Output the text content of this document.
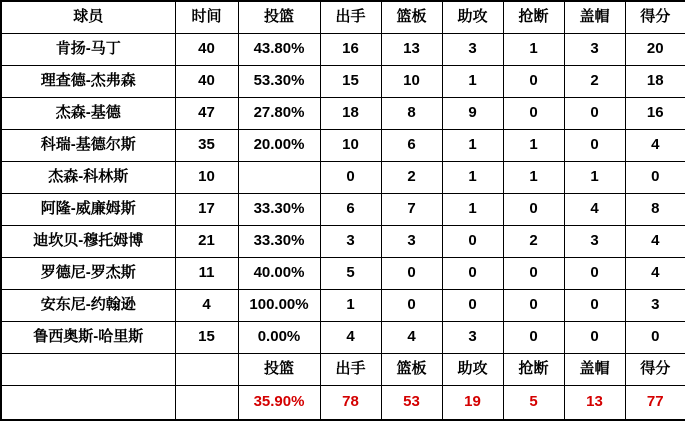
球员	时间	投篮	出手	篮板	助攻	抢断	盖帽	得分
肯扬-马丁	40	43.80%	16	13	3	1	3	20
理查德-杰弗森	40	53.30%	15	10	1	0	2	18
杰森-基德	47	27.80%	18	8	9	0	0	16
科瑞-基德尔斯	35	20.00%	10	6	1	1	0	4
杰森-科林斯	10		0	2	1	1	1	0
阿隆-威廉姆斯	17	33.30%	6	7	1	0	4	8
迪坎贝-穆托姆博	21	33.30%	3	3	0	2	3	4
罗德尼-罗杰斯	11	40.00%	5	0	0	0	0	4
安东尼-约翰逊	4	100.00%	1	0	0	0	0	3
鲁西奥斯-哈里斯	15	0.00%	4	4	3	0	0	0
		投篮	出手	篮板	助攻	抢断	盖帽	得分
		35.90%	78	53	19	5	13	77
